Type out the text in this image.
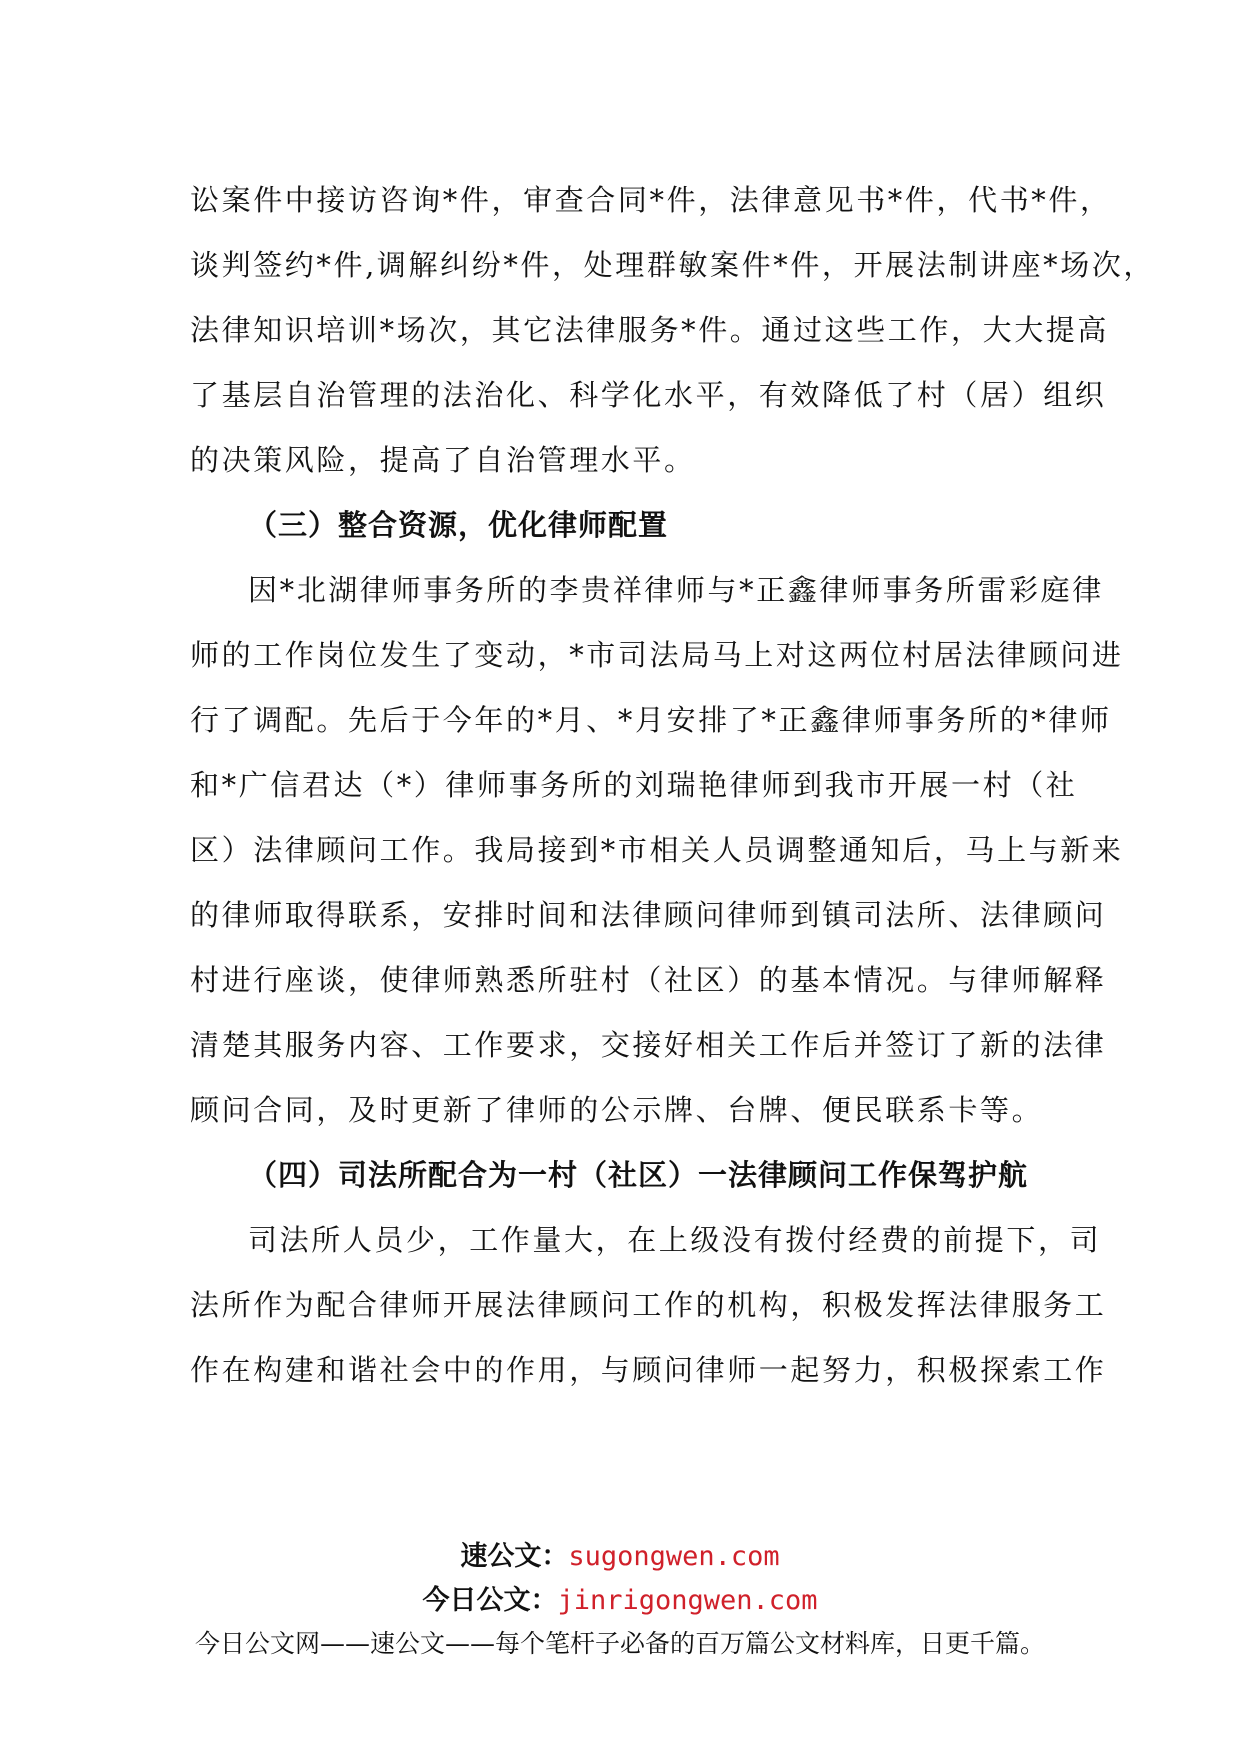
讼案件中接访咨询*件，审查合同*件，法律意见书*件，代书*件，
谈判签约*件,调解纠纷*件，处理群敏案件*件，开展法制讲座*场次，
法律知识培训*场次，其它法律服务*件。通过这些工作，大大提高
了基层自治管理的法治化、科学化水平，有效降低了村（居）组织
的决策风险，提高了自治管理水平。
（三）整合资源，优化律师配置
因*北湖律师事务所的李贵祥律师与*正鑫律师事务所雷彩庭律
师的工作岗位发生了变动，*市司法局马上对这两位村居法律顾问进
行了调配。先后于今年的*月、*月安排了*正鑫律师事务所的*律师
和*广信君达（*）律师事务所的刘瑞艳律师到我市开展一村（社
区）法律顾问工作。我局接到*市相关人员调整通知后，马上与新来
的律师取得联系，安排时间和法律顾问律师到镇司法所、法律顾问
村进行座谈，使律师熟悉所驻村（社区）的基本情况。与律师解释
清楚其服务内容、工作要求，交接好相关工作后并签订了新的法律
顾问合同，及时更新了律师的公示牌、台牌、便民联系卡等。
（四）司法所配合为一村（社区）一法律顾问工作保驾护航
司法所人员少，工作量大，在上级没有拨付经费的前提下，司
法所作为配合律师开展法律顾问工作的机构，积极发挥法律服务工
作在构建和谐社会中的作用，与顾问律师一起努力，积极探索工作
速公文：sugongwen.com
今日公文：jinrigongwen.com
今日公文网——速公文——每个笔杆子必备的百万篇公文材料库，日更千篇。
